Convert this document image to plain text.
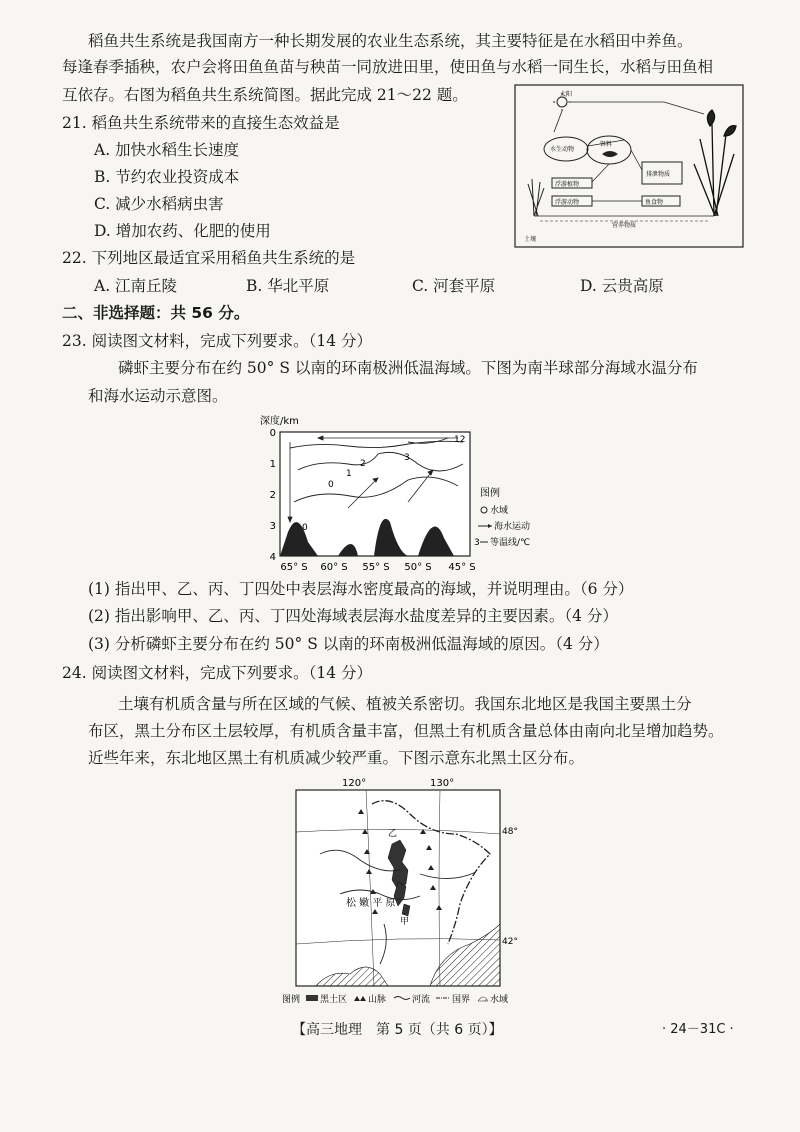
稻鱼共生系统是我国南方一种长期发展的农业生态系统，其主要特征是在水稻田中养鱼。
每逢春季插秧，农户会将田鱼鱼苗与秧苗一同放进田里，使田鱼与水稻一同生长，水稻与田鱼相
互依存。右图为稻鱼共生系统简图。据此完成 21～22 题。
21. 稻鱼共生系统带来的直接生态效益是
A. 加快水稻生长速度
B. 节约农业投资成本
C. 减少水稻病虫害
D. 增加农药、化肥的使用
太阳
水生动物
饵料
浮游植物
浮游动物
排泄物质
鱼食物
营养物质
土壤
22. 下列地区最适宜采用稻鱼共生系统的是
A. 江南丘陵	B. 华北平原	C. 河套平原	D. 云贵高原
二、非选择题：共 56 分。
23. 阅读图文材料，完成下列要求。（14 分）
磷虾主要分布在约 50° S 以南的环南极洲低温海域。下图为南半球部分海域水温分布
和海水运动示意图。
深度/km
0
1
2
3
4
0
1
2
3
0
12
65° S 60° S 55° S 50° S 45° S
图例
水域
海水运动
3 等温线/℃
(1) 指出甲、乙、丙、丁四处中表层海水密度最高的海域，并说明理由。（6 分）
(2) 指出影响甲、乙、丙、丁四处海域表层海水盐度差异的主要因素。（4 分）
(3) 分析磷虾主要分布在约 50° S 以南的环南极洲低温海域的原因。（4 分）
24. 阅读图文材料，完成下列要求。（14 分）
土壤有机质含量与所在区域的气候、植被关系密切。我国东北地区是我国主要黑土分
布区，黑土分布区土层较厚，有机质含量丰富，但黑土有机质含量总体由南向北呈增加趋势。
近些年来，东北地区黑土有机质减少较严重。下图示意东北黑土区分布。
120°	130°
48°
42°
乙
松 嫩 平 原
甲
图例 黑土区 山脉	河流 国界 水域
【高三地理　第 5 页（共 6 页）】	· 24－31C ·
